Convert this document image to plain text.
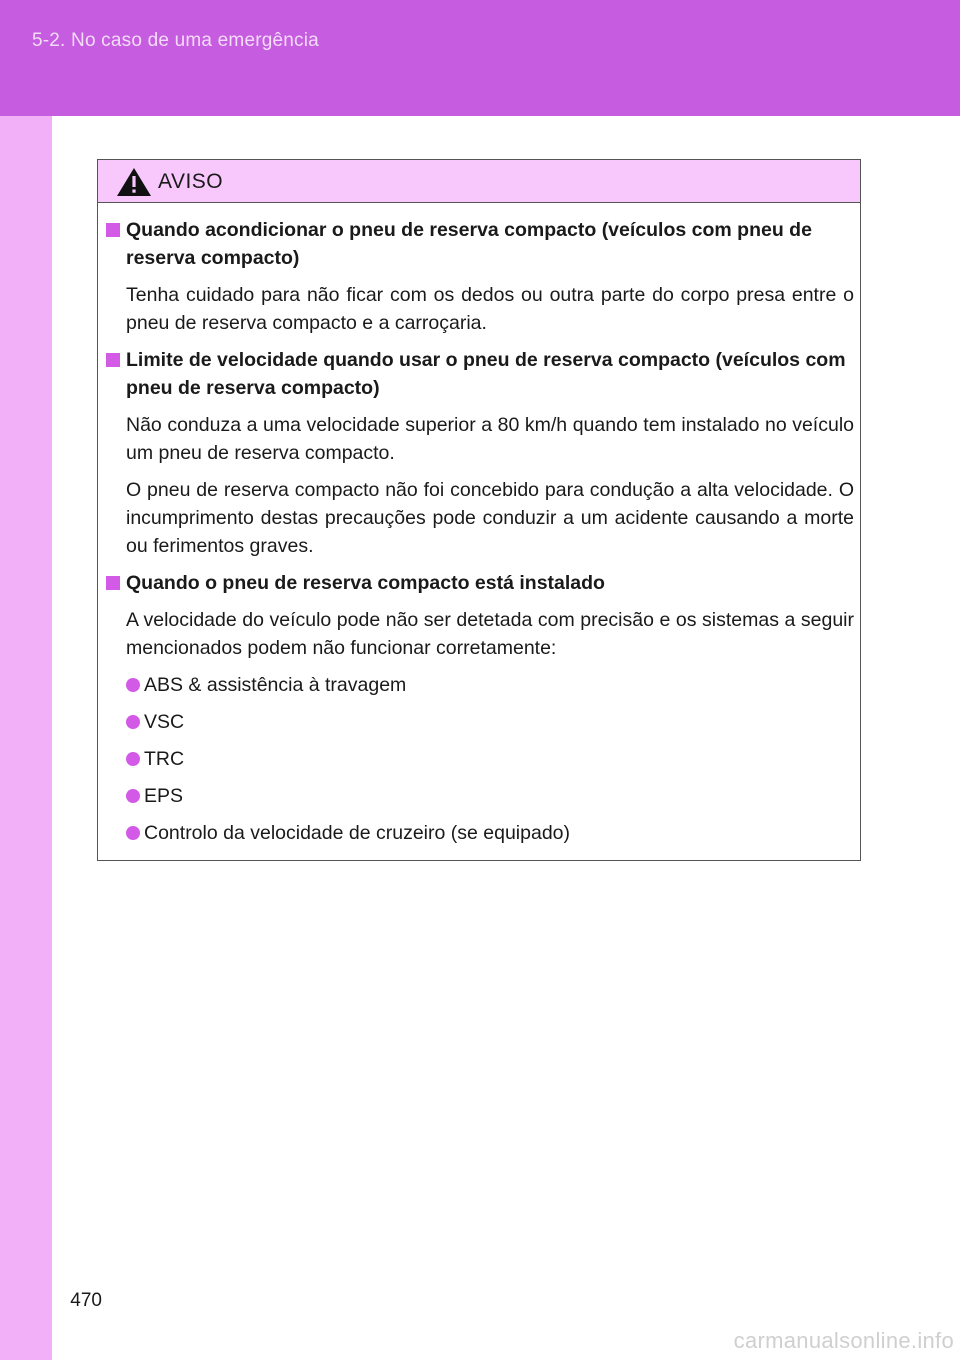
5-2. No caso de uma emergência
470
AVISO
Quando acondicionar o pneu de reserva compacto (veículos com pneu de reserva compacto)
Tenha cuidado para não ficar com os dedos ou outra parte do corpo presa entre o pneu de reserva compacto e a carroçaria.
Limite de velocidade quando usar o pneu de reserva compacto (veículos com pneu de reserva compacto)
Não conduza a uma velocidade superior a 80 km/h quando tem instalado no veículo um pneu de reserva compacto.
O pneu de reserva compacto não foi concebido para condução a alta velocidade. O incumprimento destas precauções pode conduzir a um acidente causando a morte ou ferimentos graves.
Quando o pneu de reserva compacto está instalado
A velocidade do veículo pode não ser detetada com precisão e os sistemas a seguir mencionados podem não funcionar corretamente:
ABS & assistência à travagem
VSC
TRC
EPS
Controlo da velocidade de cruzeiro (se equipado)
carmanualsonline.info
